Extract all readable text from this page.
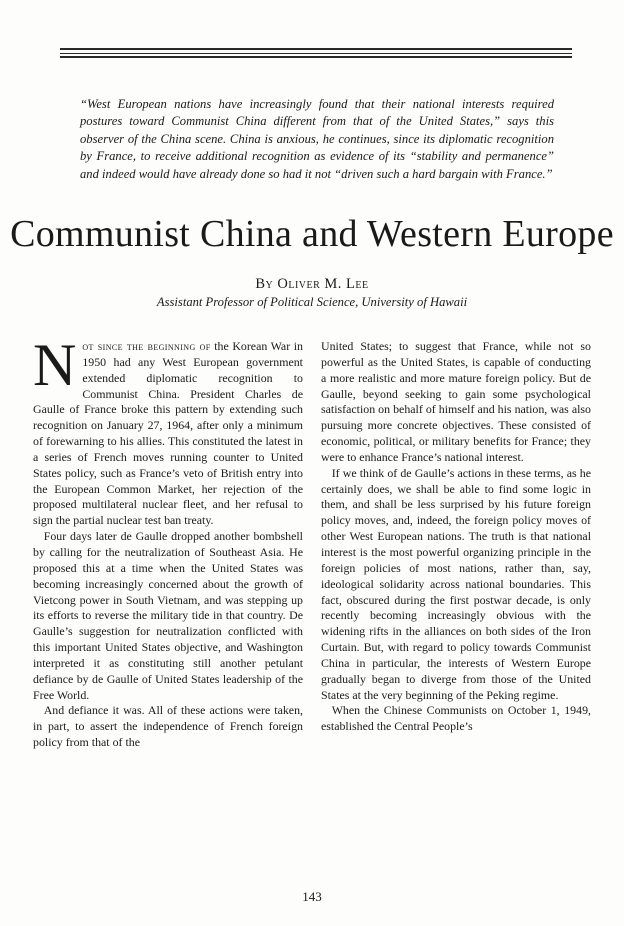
“West European nations have increasingly found that their national interests required postures toward Communist China different from that of the United States,” says this observer of the China scene. China is anxious, he continues, since its diplomatic recognition by France, to receive additional recognition as evidence of its “stability and permanence” and indeed would have already done so had it not “driven such a hard bargain with France.”

Communist China and Western Europe

By Oliver M. Lee

Assistant Professor of Political Science, University of Hawaii

Not since the beginning of the Korean War in 1950 had any West European government extended diplomatic recognition to Communist China. President Charles de Gaulle of France broke this pattern by extending such recognition on January 27, 1964, after only a minimum of forewarning to his allies. This constituted the latest in a series of French moves running counter to United States policy, such as France’s veto of British entry into the European Common Market, her rejection of the proposed multilateral nuclear fleet, and her refusal to sign the partial nuclear test ban treaty.

Four days later de Gaulle dropped another bombshell by calling for the neutralization of Southeast Asia. He proposed this at a time when the United States was becoming increasingly concerned about the growth of Vietcong power in South Vietnam, and was stepping up its efforts to reverse the military tide in that country. De Gaulle’s suggestion for neutralization conflicted with this important United States objective, and Washington interpreted it as constituting still another petulant defiance by de Gaulle of United States leadership of the Free World.

And defiance it was. All of these actions were taken, in part, to assert the independence of French foreign policy from that of the

United States; to suggest that France, while not so powerful as the United States, is capable of conducting a more realistic and more mature foreign policy. But de Gaulle, beyond seeking to gain some psychological satisfaction on behalf of himself and his nation, was also pursuing more concrete objectives. These consisted of economic, political, or military benefits for France; they were to enhance France’s national interest.

If we think of de Gaulle’s actions in these terms, as he certainly does, we shall be able to find some logic in them, and shall be less surprised by his future foreign policy moves, and, indeed, the foreign policy moves of other West European nations. The truth is that national interest is the most powerful organizing principle in the foreign policies of most nations, rather than, say, ideological solidarity across national boundaries. This fact, obscured during the first postwar decade, is only recently becoming increasingly obvious with the widening rifts in the alliances on both sides of the Iron Curtain. But, with regard to policy towards Communist China in particular, the interests of Western Europe gradually began to diverge from those of the United States at the very beginning of the Peking regime.

When the Chinese Communists on October 1, 1949, established the Central People’s

143
